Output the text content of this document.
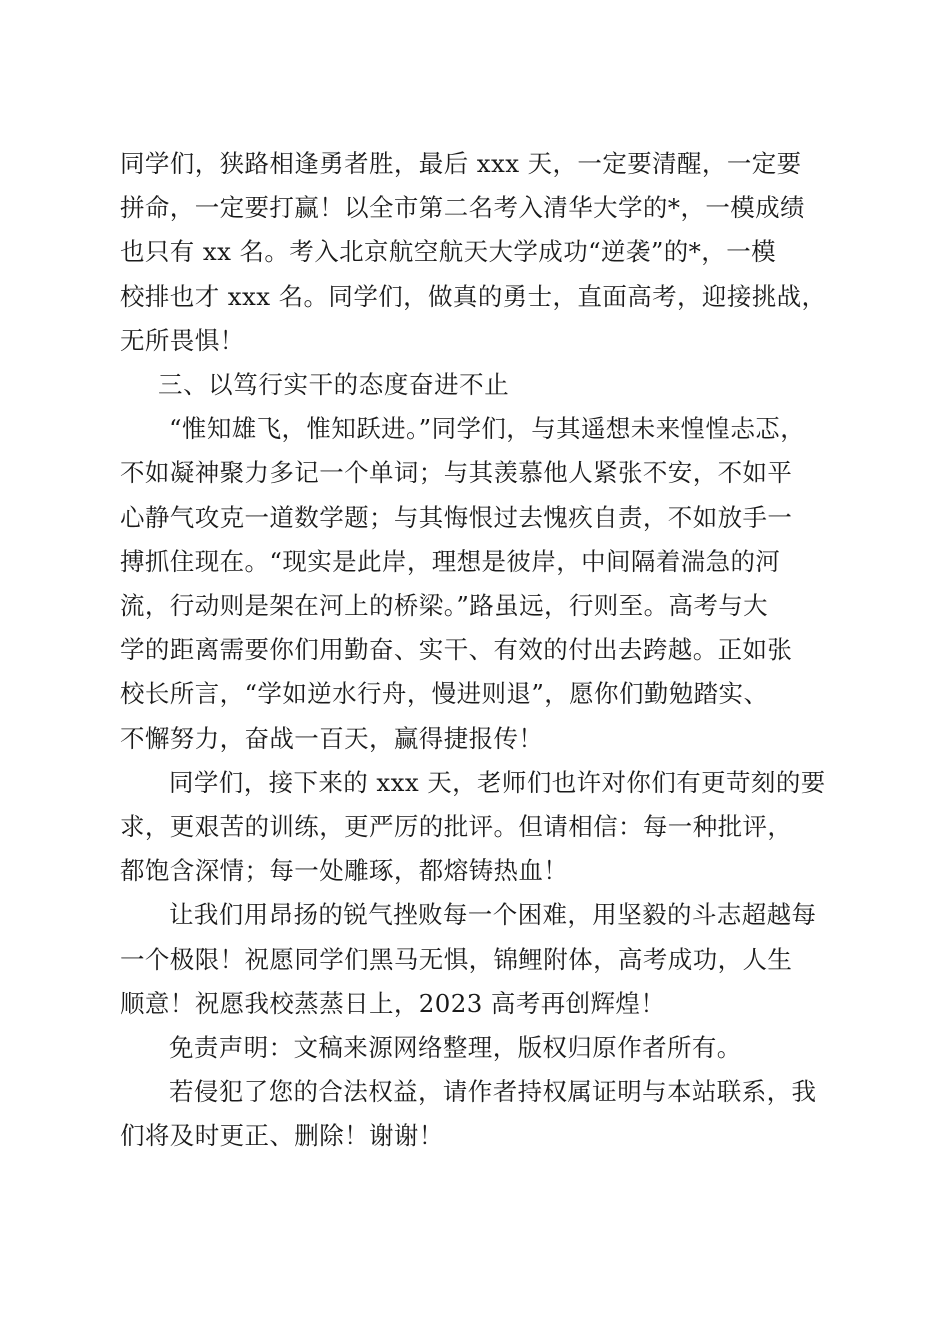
同学们，狭路相逢勇者胜，最后 xxx 天，一定要清醒，一定要
拼命，一定要打赢！以全市第二名考入清华大学的*，一模成绩
也只有 xx 名。考入北京航空航天大学成功“逆袭”的*，一模
校排也才 xxx 名。同学们，做真的勇士，直面高考，迎接挑战，
无所畏惧！

三、以笃行实干的态度奋进不止

“惟知雄飞，惟知跃进。”同学们，与其遥想未来惶惶忐忑，
不如凝神聚力多记一个单词；与其羡慕他人紧张不安，不如平
心静气攻克一道数学题；与其悔恨过去愧疚自责，不如放手一
搏抓住现在。“现实是此岸，理想是彼岸，中间隔着湍急的河
流，行动则是架在河上的桥梁。”路虽远，行则至。高考与大
学的距离需要你们用勤奋、实干、有效的付出去跨越。正如张
校长所言，“学如逆水行舟，慢进则退”，愿你们勤勉踏实、
不懈努力，奋战一百天，赢得捷报传！

同学们，接下来的 xxx 天，老师们也许对你们有更苛刻的要
求，更艰苦的训练，更严厉的批评。但请相信：每一种批评，
都饱含深情；每一处雕琢，都熔铸热血！

让我们用昂扬的锐气挫败每一个困难，用坚毅的斗志超越每
一个极限！祝愿同学们黑马无惧，锦鲤附体，高考成功，人生
顺意！祝愿我校蒸蒸日上，2023 高考再创辉煌！

免责声明：文稿来源网络整理，版权归原作者所有。

若侵犯了您的合法权益，请作者持权属证明与本站联系，我
们将及时更正、删除！谢谢！
